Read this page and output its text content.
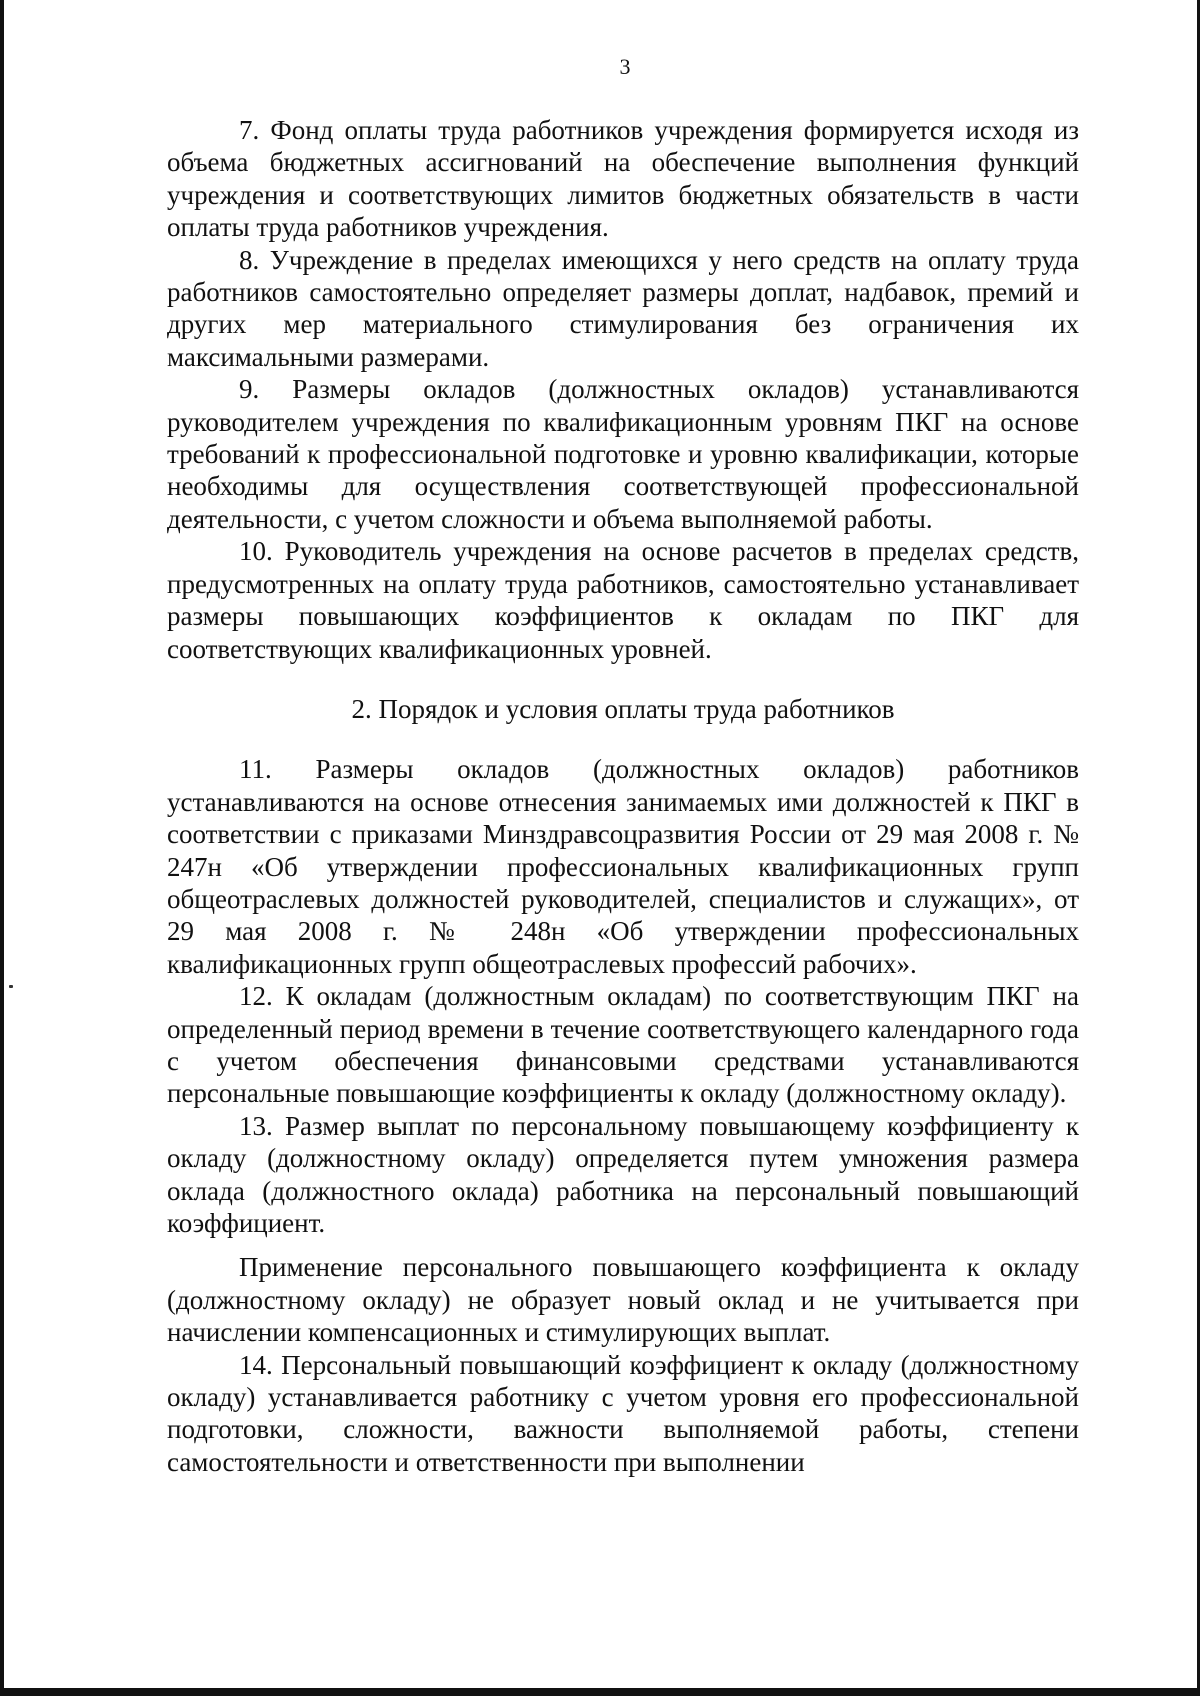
3

7. Фонд оплаты труда работников учреждения формируется исходя из объема бюджетных ассигнований на обеспечение выполнения функций учреждения и соответствующих лимитов бюджетных обязательств в части оплаты труда работников учреждения.

8. Учреждение в пределах имеющихся у него средств на оплату труда работников самостоятельно определяет размеры доплат, надбавок, премий и других мер материального стимулирования без ограничения их максимальными размерами.

9. Размеры окладов (должностных окладов) устанавливаются руководителем учреждения по квалификационным уровням ПКГ на основе требований к профессиональной подготовке и уровню квалификации, которые необходимы для осуществления соответствующей профессиональной деятельности, с учетом сложности и объема выполняемой работы.

10. Руководитель учреждения на основе расчетов в пределах средств, предусмотренных на оплату труда работников, самостоятельно устанавливает размеры повышающих коэффициентов к окладам по ПКГ для соответствующих квалификационных уровней.

2. Порядок и условия оплаты труда работников

11. Размеры окладов (должностных окладов) работников устанавливаются на основе отнесения занимаемых ими должностей к ПКГ в соответствии с приказами Минздравсоцразвития России от 29 мая 2008 г. № 247н «Об утверждении профессиональных квалификационных групп общеотраслевых должностей руководителей, специалистов и служащих», от 29 мая 2008 г. № 248н «Об утверждении профессиональных квалификационных групп общеотраслевых профессий рабочих».

12. К окладам (должностным окладам) по соответствующим ПКГ на определенный период времени в течение соответствующего календарного года с учетом обеспечения финансовыми средствами устанавливаются персональные повышающие коэффициенты к окладу (должностному окладу).

13. Размер выплат по персональному повышающему коэффициенту к окладу (должностному окладу) определяется путем умножения размера оклада (должностного оклада) работника на персональный повышающий коэффициент.

Применение персонального повышающего коэффициента к окладу (должностному окладу) не образует новый оклад и не учитывается при начислении компенсационных и стимулирующих выплат.

14. Персональный повышающий коэффициент к окладу (должностному окладу) устанавливается работнику с учетом уровня его профессиональной подготовки, сложности, важности выполняемой работы, степени самостоятельности и ответственности при выполнении
